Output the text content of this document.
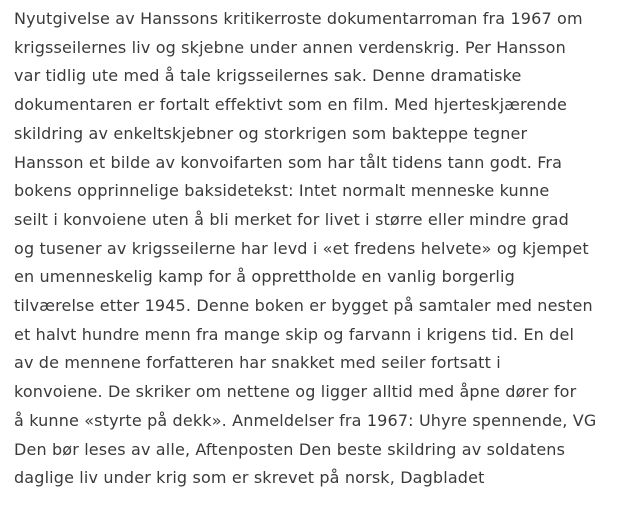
Nyutgivelse av Hanssons kritikerroste dokumentarroman fra 1967 om
krigsseilernes liv og skjebne under annen verdenskrig. Per Hansson
var tidlig ute med å tale krigsseilernes sak. Denne dramatiske
dokumentaren er fortalt effektivt som en film. Med hjerteskjærende
skildring av enkeltskjebner og storkrigen som bakteppe tegner
Hansson et bilde av konvoifarten som har tålt tidens tann godt. Fra
bokens opprinnelige baksidetekst: Intet normalt menneske kunne
seilt i konvoiene uten å bli merket for livet i større eller mindre grad
og tusener av krigsseilerne har levd i «et fredens helvete» og kjempet
en umenneskelig kamp for å opprettholde en vanlig borgerlig
tilværelse etter 1945. Denne boken er bygget på samtaler med nesten
et halvt hundre menn fra mange skip og farvann i krigens tid. En del
av de mennene forfatteren har snakket med seiler fortsatt i
konvoiene. De skriker om nettene og ligger alltid med åpne dører for
å kunne «styrte på dekk». Anmeldelser fra 1967: Uhyre spennende, VG
Den bør leses av alle, Aftenposten Den beste skildring av soldatens
daglige liv under krig som er skrevet på norsk, Dagbladet
